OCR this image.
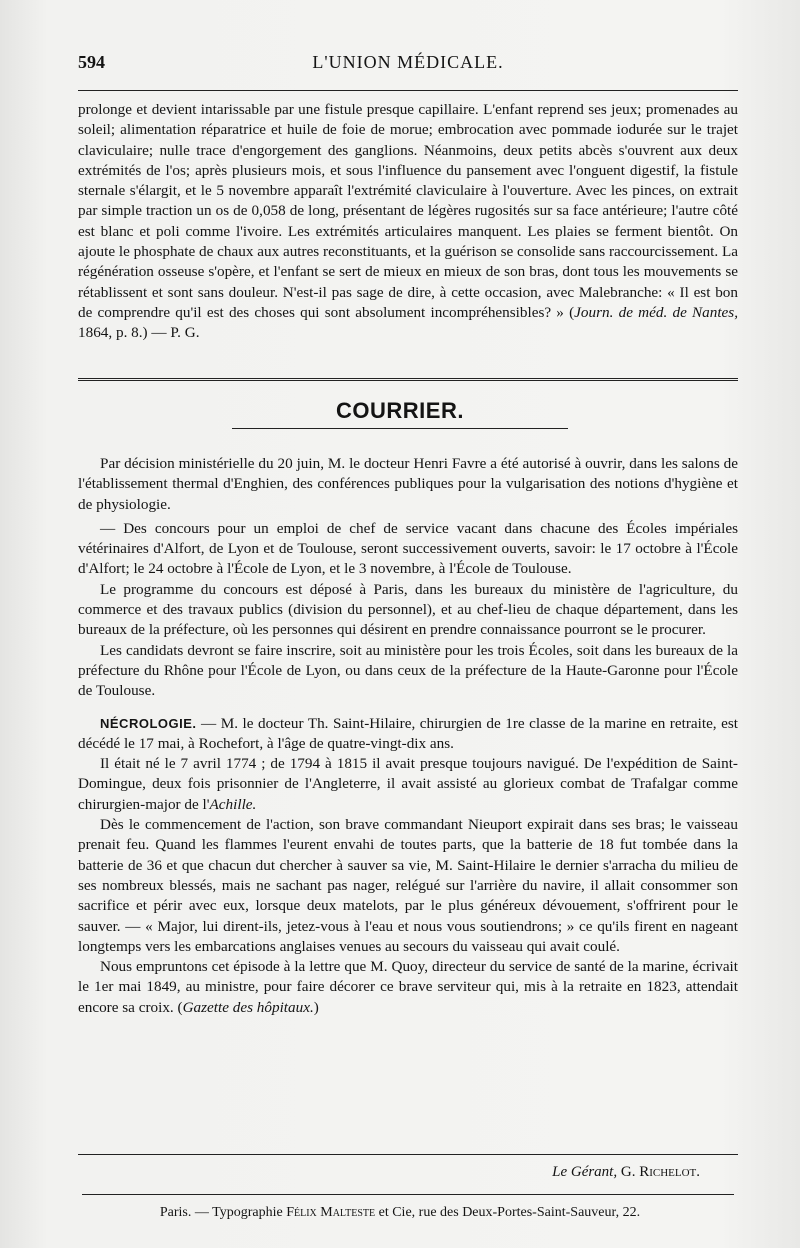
594	L'UNION MÉDICALE.

prolonge et devient intarissable par une fistule presque capillaire. L'enfant reprend ses jeux; promenades au soleil; alimentation réparatrice et huile de foie de morue; embrocation avec pommade iodurée sur le trajet claviculaire; nulle trace d'engorgement des ganglions. Néanmoins, deux petits abcès s'ouvrent aux deux extrémités de l'os; après plusieurs mois, et sous l'influence du pansement avec l'onguent digestif, la fistule sternale s'élargit, et le 5 novembre apparaît l'extrémité claviculaire à l'ouverture. Avec les pinces, on extrait par simple traction un os de 0,058 de long, présentant de légères rugosités sur sa face antérieure; l'autre côté est blanc et poli comme l'ivoire. Les extrémités articulaires manquent. Les plaies se ferment bientôt. On ajoute le phosphate de chaux aux autres reconstituants, et la guérison se consolide sans raccourcissement. La régénération osseuse s'opère, et l'enfant se sert de mieux en mieux de son bras, dont tous les mouvements se rétablissent et sont sans douleur. N'est-il pas sage de dire, à cette occasion, avec Malebranche: « Il est bon de comprendre qu'il est des choses qui sont absolument incompréhensibles? » (Journ. de méd. de Nantes, 1864, p. 8.) — P. G.

COURRIER.

Par décision ministérielle du 20 juin, M. le docteur Henri Favre a été autorisé à ouvrir, dans les salons de l'établissement thermal d'Enghien, des conférences publiques pour la vulgarisation des notions d'hygiène et de physiologie.

— Des concours pour un emploi de chef de service vacant dans chacune des Écoles impériales vétérinaires d'Alfort, de Lyon et de Toulouse, seront successivement ouverts, savoir: le 17 octobre à l'École d'Alfort; le 24 octobre à l'École de Lyon, et le 3 novembre, à l'École de Toulouse.

Le programme du concours est déposé à Paris, dans les bureaux du ministère de l'agriculture, du commerce et des travaux publics (division du personnel), et au chef-lieu de chaque département, dans les bureaux de la préfecture, où les personnes qui désirent en prendre connaissance pourront se le procurer.

Les candidats devront se faire inscrire, soit au ministère pour les trois Écoles, soit dans les bureaux de la préfecture du Rhône pour l'École de Lyon, ou dans ceux de la préfecture de la Haute-Garonne pour l'École de Toulouse.

NÉCROLOGIE. — M. le docteur Th. Saint-Hilaire, chirurgien de 1re classe de la marine en retraite, est décédé le 17 mai, à Rochefort, à l'âge de quatre-vingt-dix ans.

Il était né le 7 avril 1774 ; de 1794 à 1815 il avait presque toujours navigué. De l'expédition de Saint-Domingue, deux fois prisonnier de l'Angleterre, il avait assisté au glorieux combat de Trafalgar comme chirurgien-major de l'Achille.

Dès le commencement de l'action, son brave commandant Nieuport expirait dans ses bras; le vaisseau prenait feu. Quand les flammes l'eurent envahi de toutes parts, que la batterie de 18 fut tombée dans la batterie de 36 et que chacun dut chercher à sauver sa vie, M. Saint-Hilaire le dernier s'arracha du milieu de ses nombreux blessés, mais ne sachant pas nager, relégué sur l'arrière du navire, il allait consommer son sacrifice et périr avec eux, lorsque deux matelots, par le plus généreux dévouement, s'offrirent pour le sauver. — « Major, lui dirent-ils, jetez-vous à l'eau et nous vous soutiendrons; » ce qu'ils firent en nageant longtemps vers les embarcations anglaises venues au secours du vaisseau qui avait coulé.

Nous empruntons cet épisode à la lettre que M. Quoy, directeur du service de santé de la marine, écrivait le 1er mai 1849, au ministre, pour faire décorer ce brave serviteur qui, mis à la retraite en 1823, attendait encore sa croix. (Gazette des hôpitaux.)

Le Gérant, G. Richelot.
Paris. — Typographie Félix Malteste et Cie, rue des Deux-Portes-Saint-Sauveur, 22.
